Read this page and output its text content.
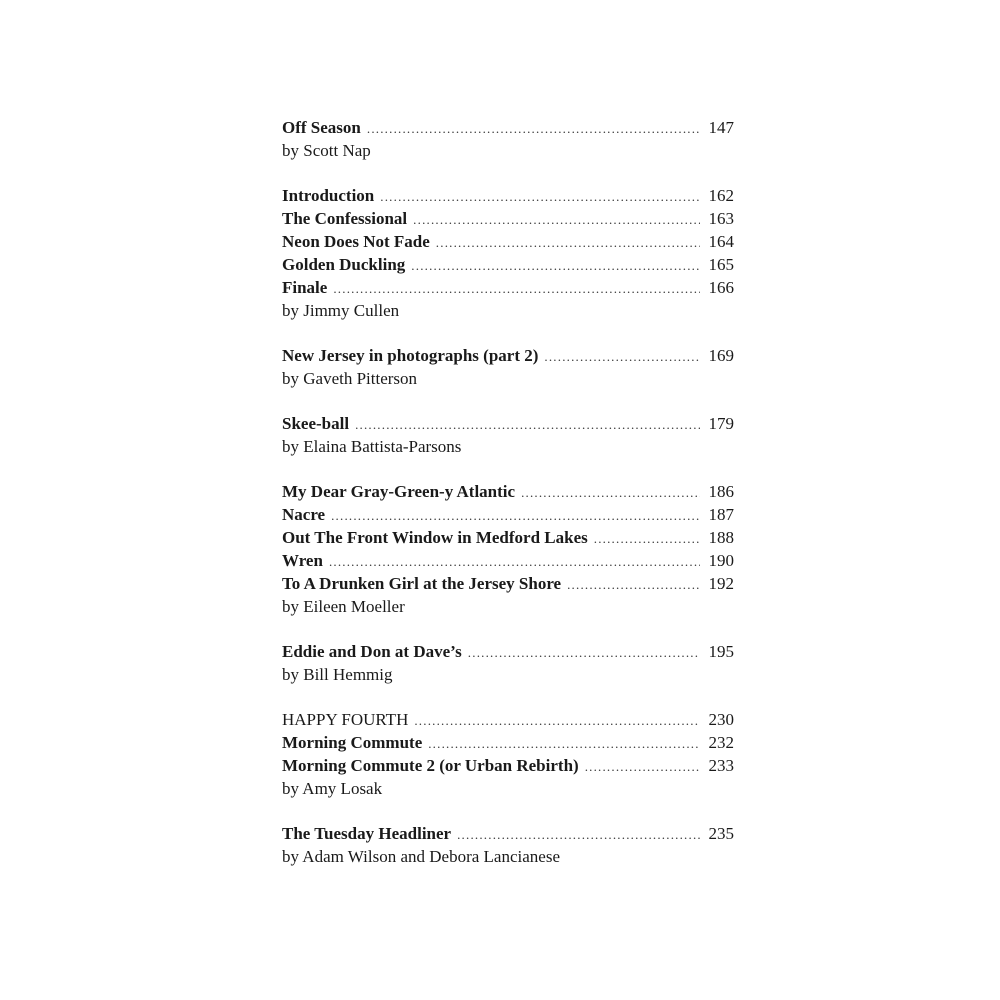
Off Season .....	147
by Scott Nap
Introduction .....	162
The Confessional .....	163
Neon Does Not Fade .....	164
Golden Duckling .....	165
Finale .....	166
by Jimmy Cullen
New Jersey in photographs (part 2) .....	169
by Gaveth Pitterson
Skee-ball .....	179
by Elaina Battista-Parsons
My Dear Gray-Green-y Atlantic .....	186
Nacre .....	187
Out The Front Window in Medford Lakes .....	188
Wren .....	190
To A Drunken Girl at the Jersey Shore .....	192
by Eileen Moeller
Eddie and Don at Dave’s .....	195
by Bill Hemmig
HAPPY FOURTH .....	230
Morning Commute .....	232
Morning Commute 2 (or Urban Rebirth) .....	233
by Amy Losak
The Tuesday Headliner .....	235
by Adam Wilson and Debora Lancianese
